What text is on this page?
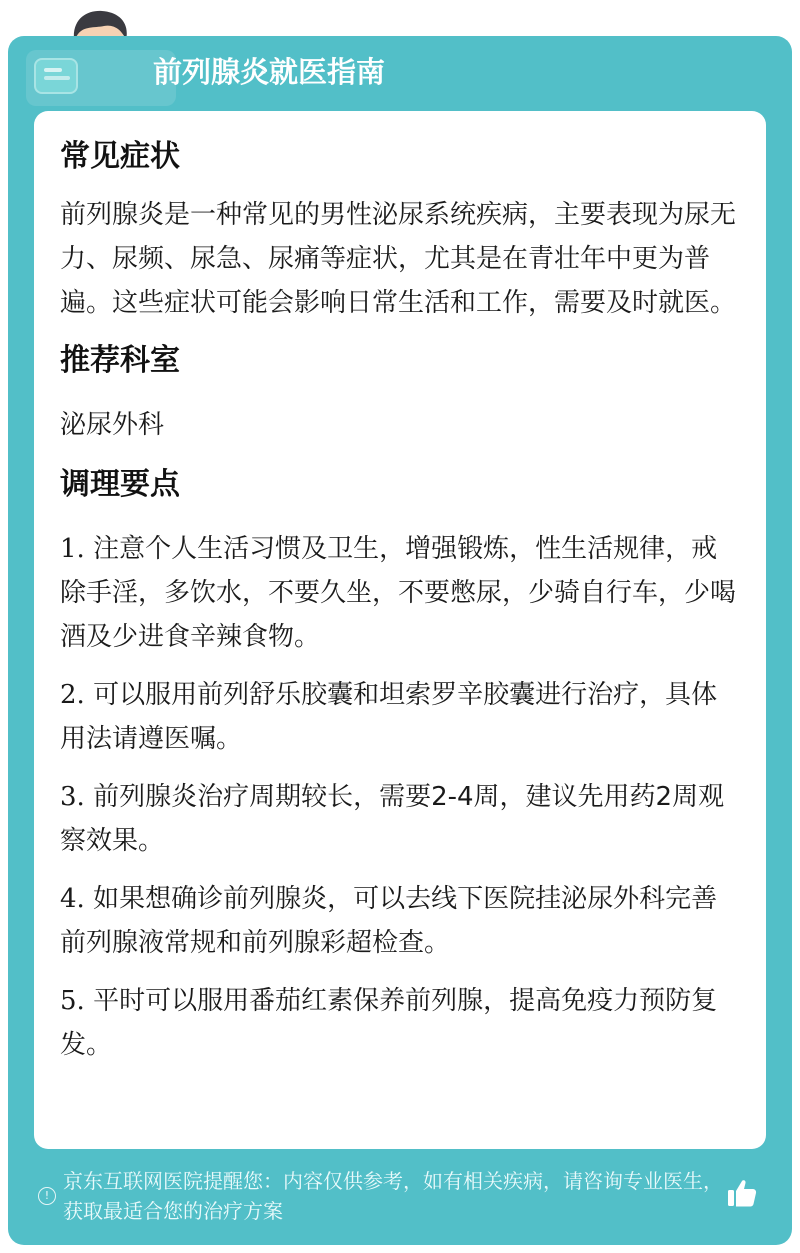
前列腺炎就医指南
常见症状

前列腺炎是一种常见的男性泌尿系统疾病，主要表现为尿无力、尿频、尿急、尿痛等症状，尤其是在青壮年中更为普遍。这些症状可能会影响日常生活和工作，需要及时就医。

推荐科室

泌尿外科

调理要点
1. 注意个人生活习惯及卫生，增强锻炼，性生活规律，戒除手淫，多饮水，不要久坐，不要憋尿，少骑自行车，少喝酒及少进食辛辣食物。
2. 可以服用前列舒乐胶囊和坦索罗辛胶囊进行治疗，具体用法请遵医嘱。
3. 前列腺炎治疗周期较长，需要2-4周，建议先用药2周观察效果。
4. 如果想确诊前列腺炎，可以去线下医院挂泌尿外科完善前列腺液常规和前列腺彩超检查。
5. 平时可以服用番茄红素保养前列腺，提高免疫力预防复发。
!
京东互联网医院提醒您：内容仅供参考，如有相关疾病，请咨询专业医生，获取最适合您的治疗方案
